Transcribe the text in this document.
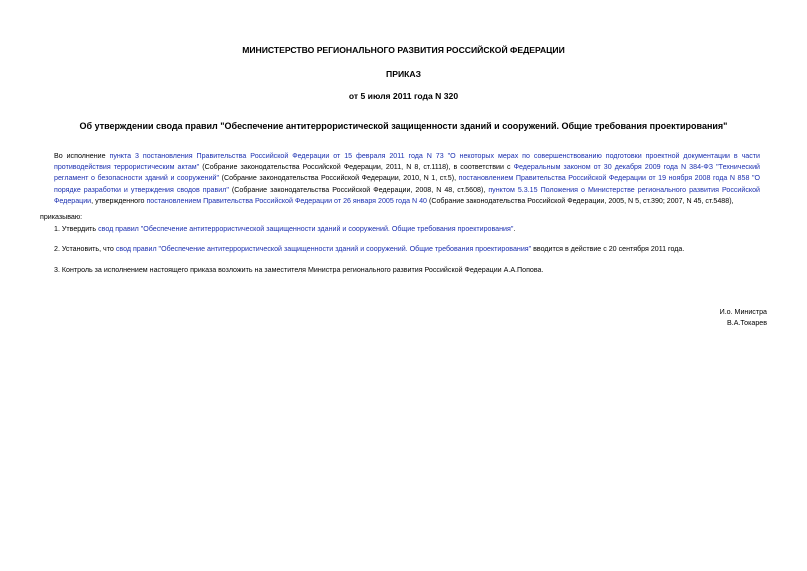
МИНИСТЕРСТВО РЕГИОНАЛЬНОГО РАЗВИТИЯ РОССИЙСКОЙ ФЕДЕРАЦИИ
ПРИКАЗ
от 5 июля 2011 года N 320
Об утверждении свода правил "Обеспечение антитеррористической защищенности зданий и сооружений. Общие требования проектирования"
Во исполнение пункта 3 постановления Правительства Российской Федерации от 15 февраля 2011 года N 73 "О некоторых мерах по совершенствованию подготовки проектной документации в части противодействия террористическим актам" (Собрание законодательства Российской Федерации, 2011, N 8, ст.1118), в соответствии с Федеральным законом от 30 декабря 2009 года N 384-ФЗ "Технический регламент о безопасности зданий и сооружений" (Собрание законодательства Российской Федерации, 2010, N 1, ст.5), постановлением Правительства Российской Федерации от 19 ноября 2008 года N 858 "О порядке разработки и утверждения сводов правил" (Собрание законодательства Российской Федерации, 2008, N 48, ст.5608), пунктом 5.3.15 Положения о Министерстве регионального развития Российской Федерации, утвержденного постановлением Правительства Российской Федерации от 26 января 2005 года N 40 (Собрание законодательства Российской Федерации, 2005, N 5, ст.390; 2007, N 45, ст.5488),
приказываю:
1. Утвердить свод правил "Обеспечение антитеррористической защищенности зданий и сооружений. Общие требования проектирования".
2. Установить, что свод правил "Обеспечение антитеррористической защищенности зданий и сооружений. Общие требования проектирования" вводится в действие с 20 сентября 2011 года.
3. Контроль за исполнением настоящего приказа возложить на заместителя Министра регионального развития Российской Федерации А.А.Попова.
И.о. Министра
В.А.Токарев
